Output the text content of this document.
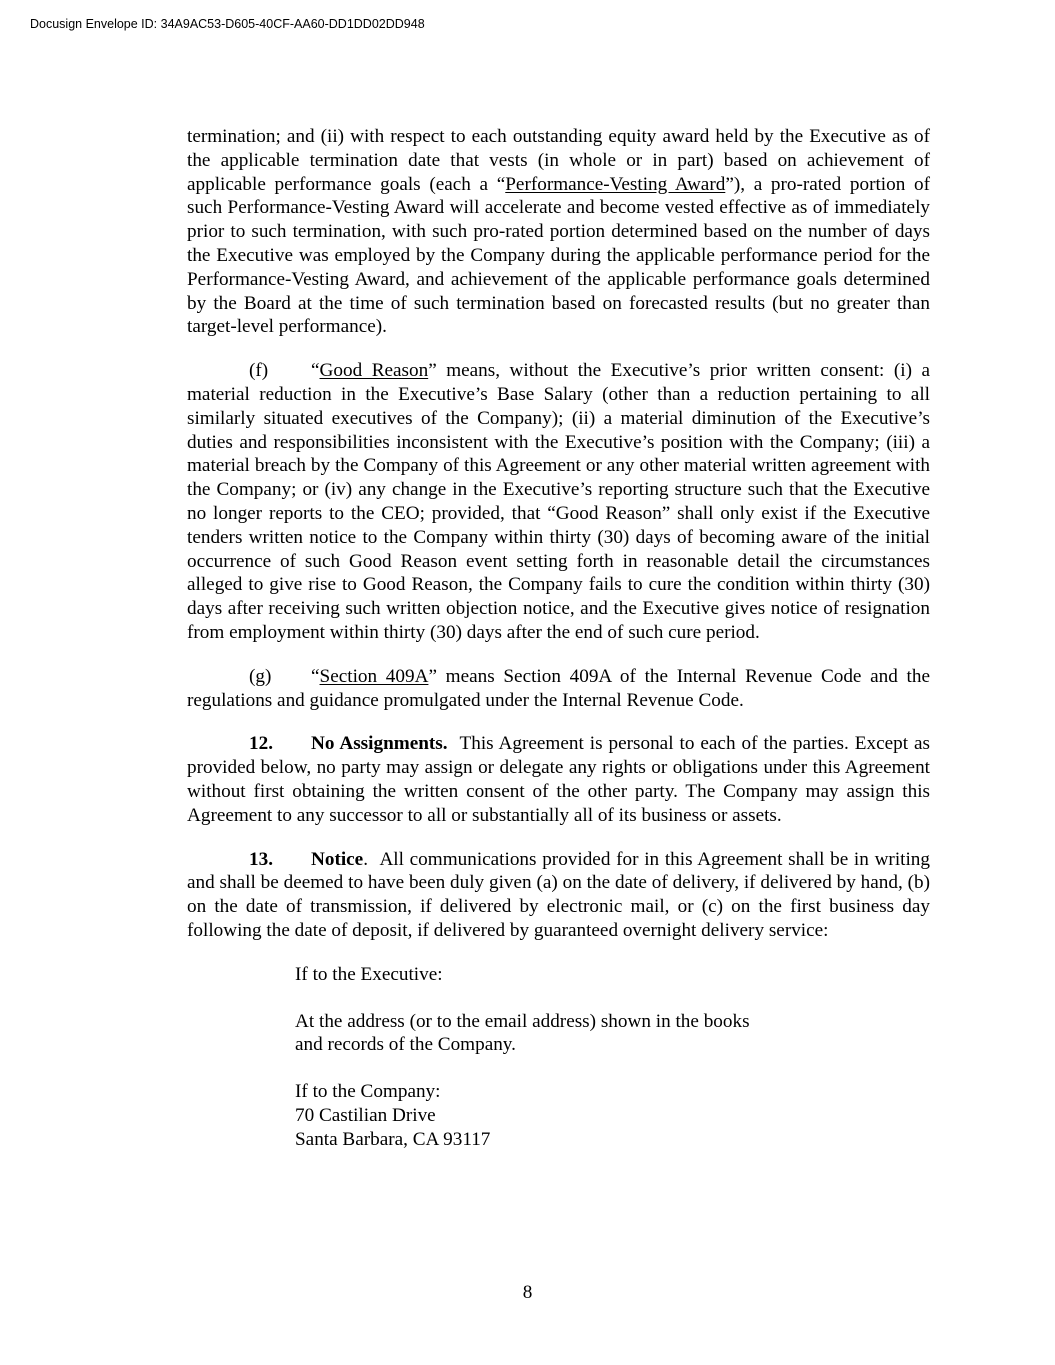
Docusign Envelope ID: 34A9AC53-D605-40CF-AA60-DD1DD02DD948

termination; and (ii) with respect to each outstanding equity award held by the Executive as of the applicable termination date that vests (in whole or in part) based on achievement of applicable performance goals (each a “Performance-Vesting Award”), a pro-rated portion of such Performance-Vesting Award will accelerate and become vested effective as of immediately prior to such termination, with such pro-rated portion determined based on the number of days the Executive was employed by the Company during the applicable performance period for the Performance-Vesting Award, and achievement of the applicable performance goals determined by the Board at the time of such termination based on forecasted results (but no greater than target-level performance).

(f) “Good Reason” means, without the Executive’s prior written consent: (i) a material reduction in the Executive’s Base Salary (other than a reduction pertaining to all similarly situated executives of the Company); (ii) a material diminution of the Executive’s duties and responsibilities inconsistent with the Executive’s position with the Company; (iii) a material breach by the Company of this Agreement or any other material written agreement with the Company; or (iv) any change in the Executive’s reporting structure such that the Executive no longer reports to the CEO; provided, that “Good Reason” shall only exist if the Executive tenders written notice to the Company within thirty (30) days of becoming aware of the initial occurrence of such Good Reason event setting forth in reasonable detail the circumstances alleged to give rise to Good Reason, the Company fails to cure the condition within thirty (30) days after receiving such written objection notice, and the Executive gives notice of resignation from employment within thirty (30) days after the end of such cure period.

(g) “Section 409A” means Section 409A of the Internal Revenue Code and the regulations and guidance promulgated under the Internal Revenue Code.

12. No Assignments. This Agreement is personal to each of the parties. Except as provided below, no party may assign or delegate any rights or obligations under this Agreement without first obtaining the written consent of the other party. The Company may assign this Agreement to any successor to all or substantially all of its business or assets.

13. Notice. All communications provided for in this Agreement shall be in writing and shall be deemed to have been duly given (a) on the date of delivery, if delivered by hand, (b) on the date of transmission, if delivered by electronic mail, or (c) on the first business day following the date of deposit, if delivered by guaranteed overnight delivery service:

If to the Executive:
At the address (or to the email address) shown in the books
and records of the Company.
If to the Company:
70 Castilian Drive
Santa Barbara, CA 93117
8
